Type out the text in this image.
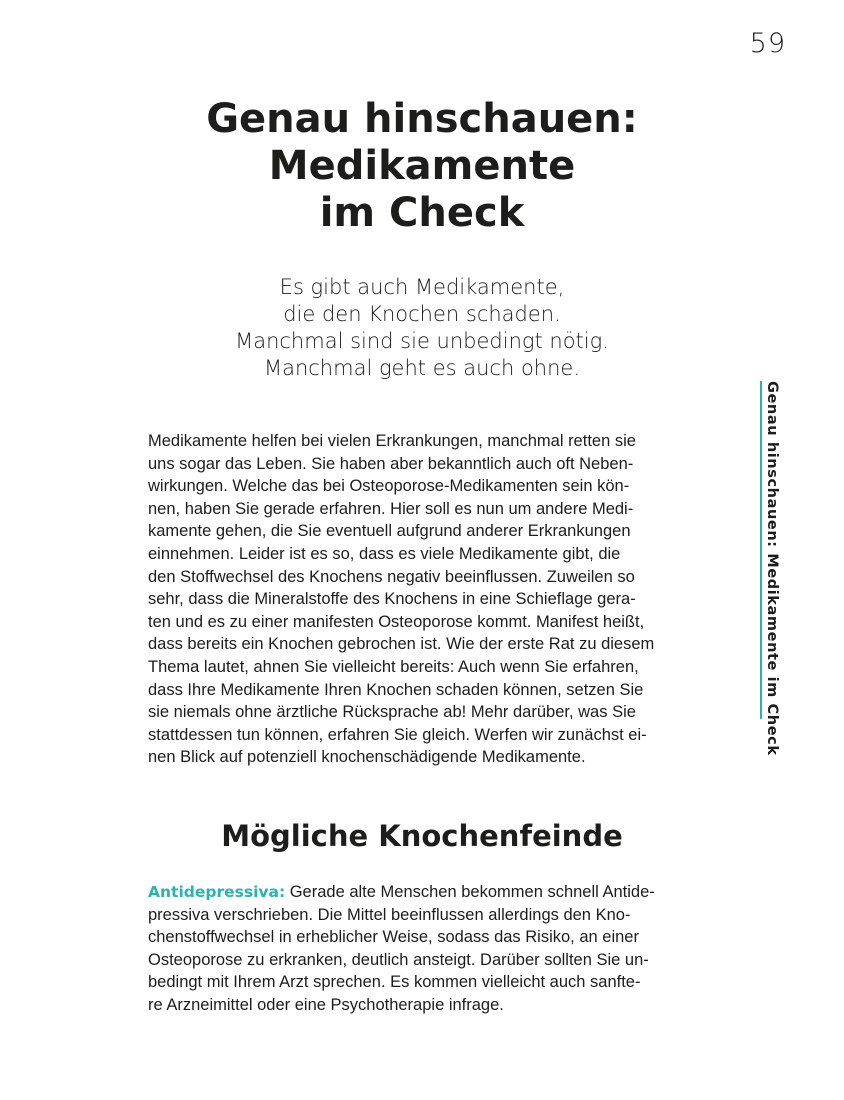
59
Genau hinschauen:
Medikamente
im Check
Es gibt auch Medikamente,
die den Knochen schaden.
Manchmal sind sie unbedingt nötig.
Manchmal geht es auch ohne.
Medikamente helfen bei vielen Erkrankungen, manchmal retten sie
uns sogar das Leben. Sie haben aber bekanntlich auch oft Neben-
wirkungen. Welche das bei Osteoporose-Medikamenten sein kön-
nen, haben Sie gerade erfahren. Hier soll es nun um andere Medi-
kamente gehen, die Sie eventuell aufgrund anderer Erkrankungen
einnehmen. Leider ist es so, dass es viele Medikamente gibt, die
den Stoffwechsel des Knochens negativ beeinflussen. Zuweilen so
sehr, dass die Mineralstoffe des Knochens in eine Schieflage gera-
ten und es zu einer manifesten Osteoporose kommt. Manifest heißt,
dass bereits ein Knochen gebrochen ist. Wie der erste Rat zu diesem
Thema lautet, ahnen Sie vielleicht bereits: Auch wenn Sie erfahren,
dass Ihre Medikamente Ihren Knochen schaden können, setzen Sie
sie niemals ohne ärztliche Rücksprache ab! Mehr darüber, was Sie
stattdessen tun können, erfahren Sie gleich. Werfen wir zunächst ei-
nen Blick auf potenziell knochenschädigende Medikamente.
Mögliche Knochenfeinde
Antidepressiva: Gerade alte Menschen bekommen schnell Antide-
pressiva verschrieben. Die Mittel beeinflussen allerdings den Kno-
chenstoffwechsel in erheblicher Weise, sodass das Risiko, an einer
Osteoporose zu erkranken, deutlich ansteigt. Darüber sollten Sie un-
bedingt mit Ihrem Arzt sprechen. Es kommen vielleicht auch sanfte-
re Arzneimittel oder eine Psychotherapie infrage.
Genau hinschauen: Medikamente im Check
